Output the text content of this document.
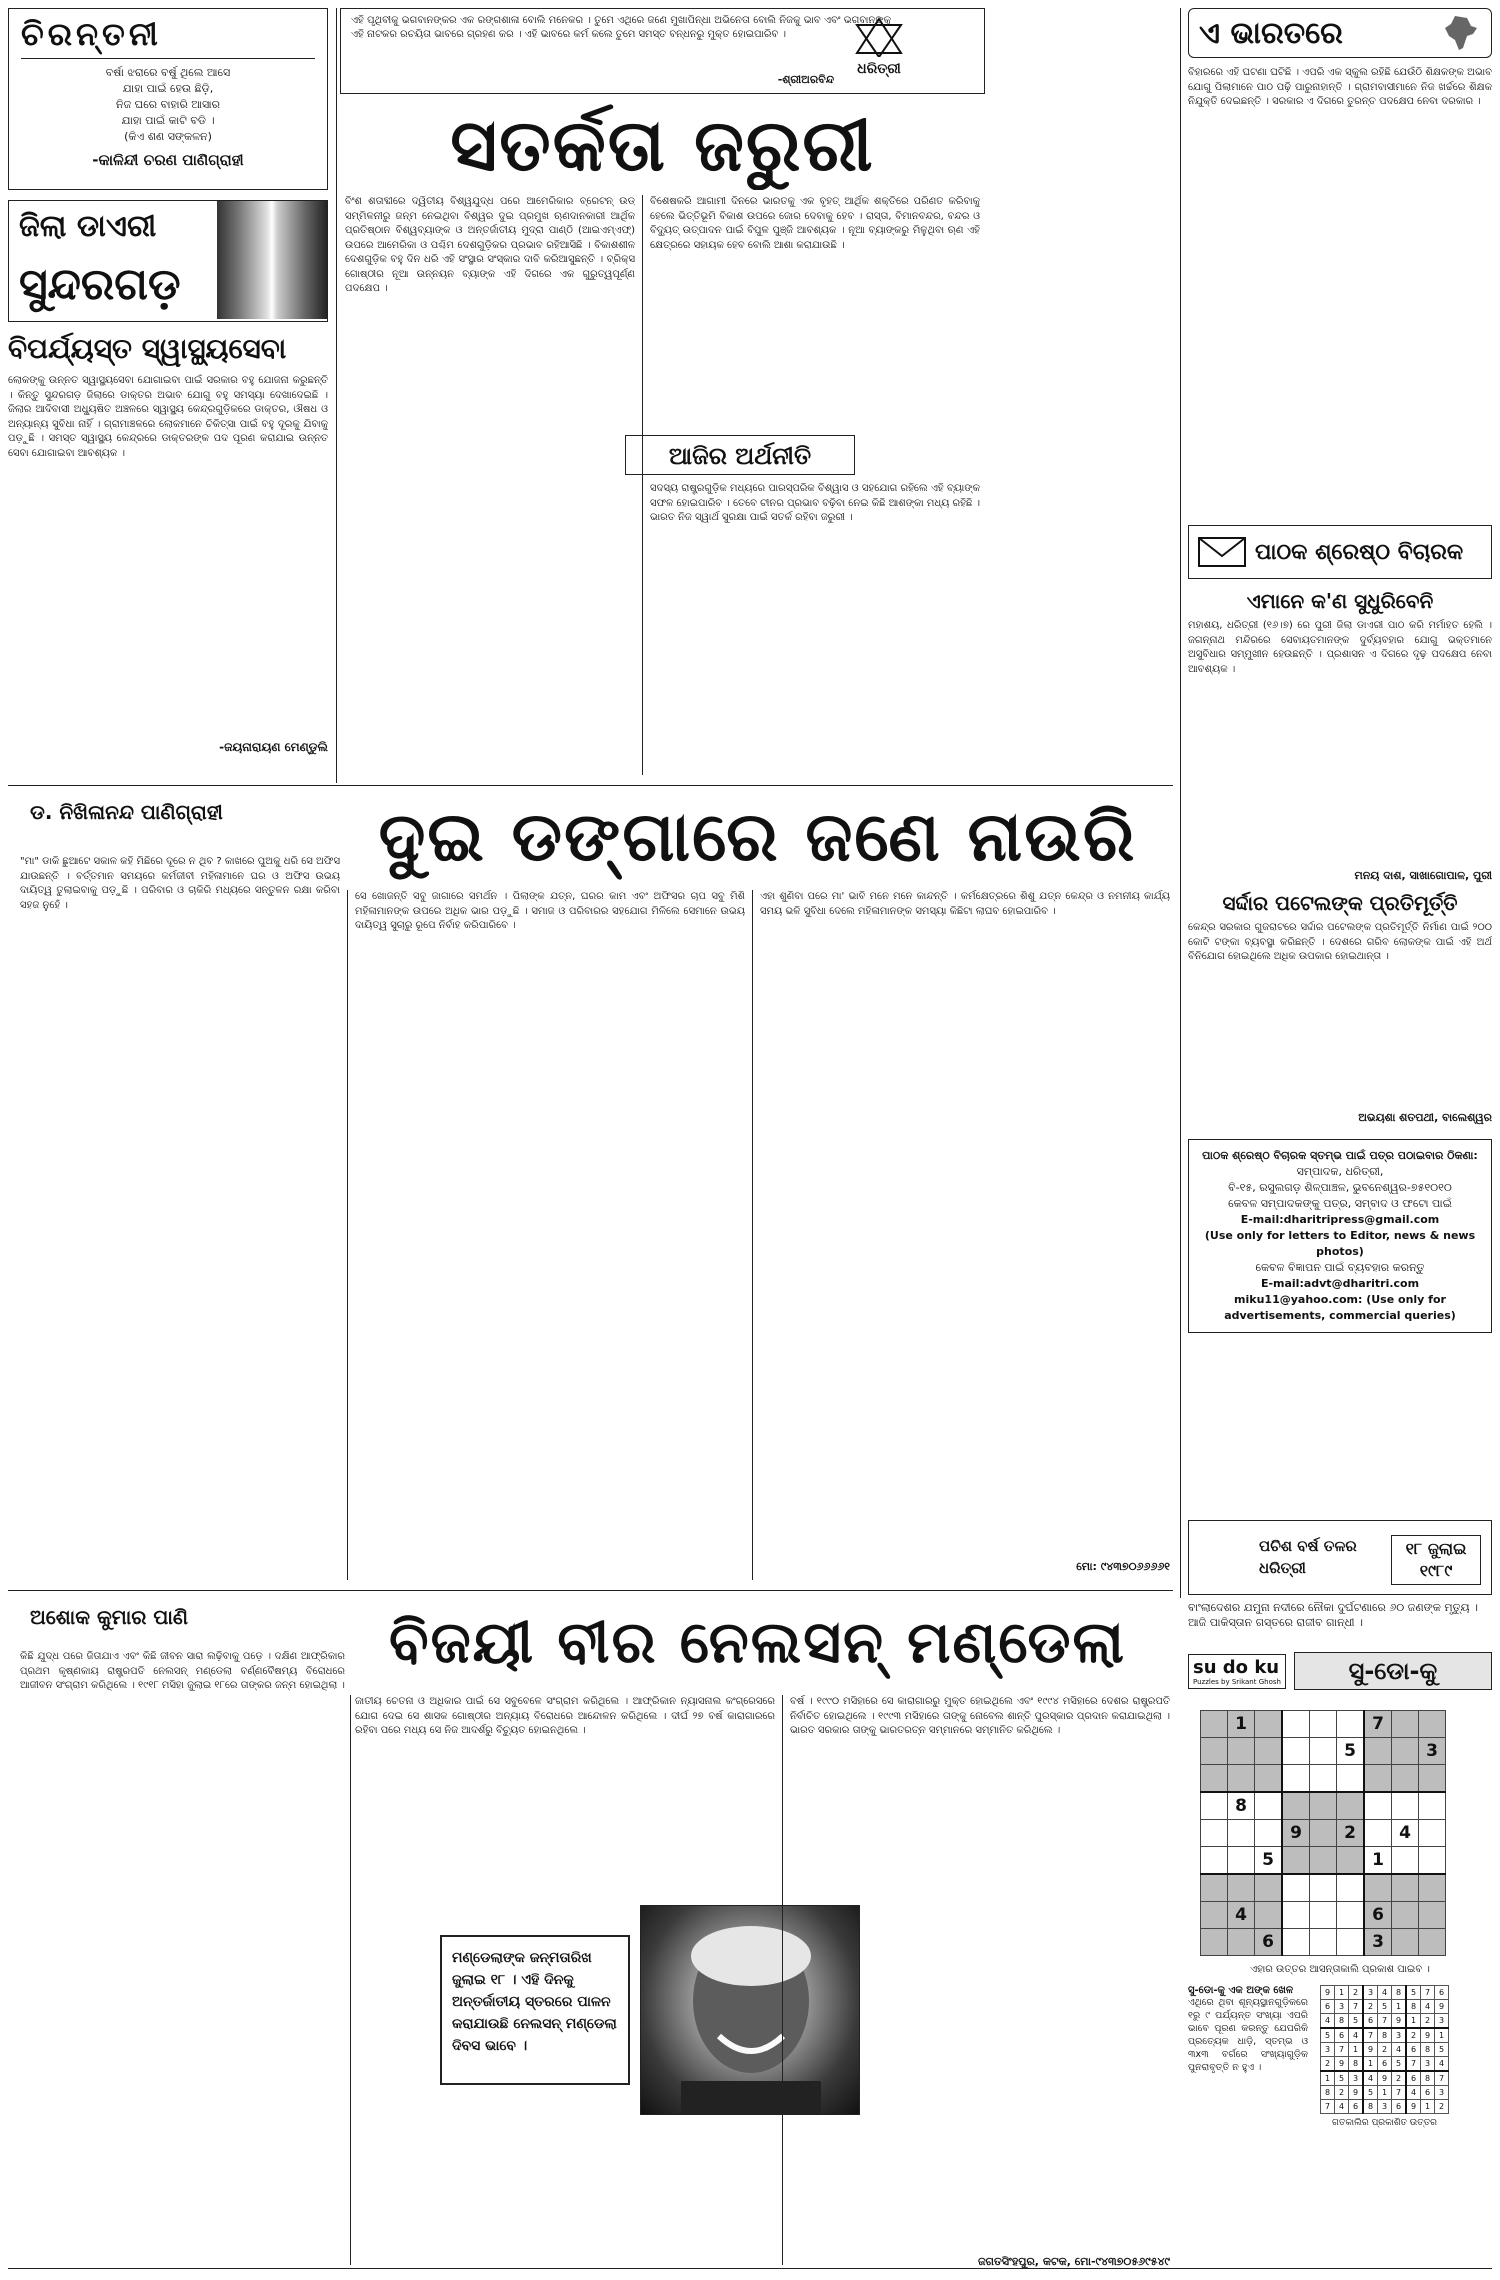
ଚିରନ୍ତନୀ
ବର୍ଷା ଝରାରେ ବର୍ଷୁ ଥିଲେ ଆସେ
ଯାହା ପାଇଁ ହେଉ ଛିଡ଼ି,
ନିଜ ଘରେ ବାହାରି ଆସାର
ଯାହା ପାଇଁ କାଟି ବଡି ।
(କିଏ ଶଣ ସଙ୍କଳନ)
-କାଳିନ୍ଦୀ ଚରଣ ପାଣିଗ୍ରାହୀ
ଏହି ପୃଥିବୀକୁ ଭଗବାନଙ୍କର ଏକ ରଙ୍ଗଶାଳା ବୋଲି ମନେକର । ତୁମେ ଏଥିରେ ଜଣେ ମୁଖାପିନ୍ଧା ଅଭିନେତା ବୋଲି ନିଜକୁ ଭାବ ଏବଂ ଭଗବାନଙ୍କୁ ଏହି ନାଟକର ରଚୟିତା ଭାବରେ ଗ୍ରହଣ କର । ଏହି ଭାବରେ କର୍ମ କଲେ ତୁମେ ସମସ୍ତ ବନ୍ଧନରୁ ମୁକ୍ତ ହୋଇପାରିବ ।
-ଶ୍ରୀଅରବିନ୍ଦ
ଧରିତ୍ରୀ
ସତର୍କତା ଜରୁରୀ
ଏ ଭାରତରେ
ବିହାରରେ ଏହି ଘଟଣା ଘଟିଛି । ଏପରି ଏକ ସ୍କୁଲ ରହିଛି ଯେଉଁଠି ଶିକ୍ଷକଙ୍କ ଅଭାବ ଯୋଗୁ ପିଲାମାନେ ପାଠ ପଢ଼ି ପାରୁନାହାନ୍ତି । ଗ୍ରାମବାସୀମାନେ ନିଜ ଖର୍ଚ୍ଚରେ ଶିକ୍ଷକ ନିଯୁକ୍ତି ଦେଇଛନ୍ତି । ସରକାର ଏ ଦିଗରେ ତୁରନ୍ତ ପଦକ୍ଷେପ ନେବା ଦରକାର ।
ଜିଲା ଡାଏରୀ
ସୁନ୍ଦରଗଡ଼
ବିପର୍ଯ୍ୟସ୍ତ ସ୍ୱାସ୍ଥ୍ୟସେବା
ଲୋକଙ୍କୁ ଉନ୍ନତ ସ୍ୱାସ୍ଥ୍ୟସେବା ଯୋଗାଇବା ପାଇଁ ସରକାର ବହୁ ଯୋଜନା କରୁଛନ୍ତି । କିନ୍ତୁ ସୁନ୍ଦରଗଡ଼ ଜିଲାରେ ଡାକ୍ତର ଅଭାବ ଯୋଗୁ ବହୁ ସମସ୍ୟା ଦେଖାଦେଇଛି । ଜିଲାର ଆଦିବାସୀ ଅଧ୍ୟୁଷିତ ଅଞ୍ଚଳରେ ସ୍ୱାସ୍ଥ୍ୟ କେନ୍ଦ୍ରଗୁଡ଼ିକରେ ଡାକ୍ତର, ଔଷଧ ଓ ଅନ୍ୟାନ୍ୟ ସୁବିଧା ନାହିଁ । ଗ୍ରାମାଞ୍ଚଳରେ ଲୋକମାନେ ଚିକିତ୍ସା ପାଇଁ ବହୁ ଦୂରକୁ ଯିବାକୁ ପଡ଼ୁଛି । ସମସ୍ତ ସ୍ୱାସ୍ଥ୍ୟ କେନ୍ଦ୍ରରେ ଡାକ୍ତରଙ୍କ ପଦ ପୂରଣ କରାଯାଇ ଉନ୍ନତ ସେବା ଯୋଗାଇବା ଆବଶ୍ୟକ ।
-ଜୟନାରାୟଣ ମେଣ୍ଡୁଲି
ବିଂଶ ଶତାବ୍ଦୀରେ ଦ୍ୱିତୀୟ ବିଶ୍ୱଯୁଦ୍ଧ ପରେ ଆମେରିକାର ବ୍ରେଟନ୍ ଉଡ୍ ସମ୍ମିଳନୀରୁ ଜନ୍ମ ନେଇଥିବା ବିଶ୍ୱର ଦୁଇ ପ୍ରମୁଖ ଋଣଦାନକାରୀ ଆର୍ଥିକ ପ୍ରତିଷ୍ଠାନ ବିଶ୍ୱବ୍ୟାଙ୍କ ଓ ଅନ୍ତର୍ଜାତୀୟ ମୁଦ୍ରା ପାଣ୍ଠି (ଆଇଏମ୍ଏଫ୍) ଉପରେ ଆମେରିକା ଓ ପଶ୍ଚିମ ଦେଶଗୁଡ଼ିକର ପ୍ରଭାବ ରହିଆସିଛି । ବିକାଶଶୀଳ ଦେଶଗୁଡ଼ିକ ବହୁ ଦିନ ଧରି ଏହି ସଂସ୍ଥାର ସଂସ୍କାର ଦାବି କରିଆସୁଛନ୍ତି । ବ୍ରିକ୍ସ ଗୋଷ୍ଠୀର ନୂଆ ଉନ୍ନୟନ ବ୍ୟାଙ୍କ ଏହି ଦିଗରେ ଏକ ଗୁରୁତ୍ୱପୂର୍ଣ୍ଣ ପଦକ୍ଷେପ ।
ବିଶେଷକରି ଆଗାମୀ ଦିନରେ ଭାରତକୁ ଏକ ବୃହତ୍ ଆର୍ଥିକ ଶକ୍ତିରେ ପରିଣତ କରିବାକୁ ହେଲେ ଭିତ୍ତିଭୂମି ବିକାଶ ଉପରେ ଜୋର ଦେବାକୁ ହେବ । ରାସ୍ତା, ବିମାନବନ୍ଦର, ବନ୍ଦର ଓ ବିଦ୍ୟୁତ୍ ଉତ୍ପାଦନ ପାଇଁ ବିପୁଳ ପୁଞ୍ଜି ଆବଶ୍ୟକ । ନୂଆ ବ୍ୟାଙ୍କରୁ ମିଳୁଥିବା ଋଣ ଏହି କ୍ଷେତ୍ରରେ ସହାୟକ ହେବ ବୋଲି ଆଶା କରାଯାଉଛି ।
ଆଜିର ଅର୍ଥନୀତି
ସଦସ୍ୟ ରାଷ୍ଟ୍ରଗୁଡ଼ିକ ମଧ୍ୟରେ ପାରସ୍ପରିକ ବିଶ୍ୱାସ ଓ ସହଯୋଗ ରହିଲେ ଏହି ବ୍ୟାଙ୍କ ସଫଳ ହୋଇପାରିବ । ତେବେ ଚୀନର ପ୍ରଭାବ ବଢ଼ିବା ନେଇ କିଛି ଆଶଙ୍କା ମଧ୍ୟ ରହିଛି । ଭାରତ ନିଜ ସ୍ୱାର୍ଥ ସୁରକ୍ଷା ପାଇଁ ସତର୍କ ରହିବା ଜରୁରୀ ।
ପାଠକ ଶ୍ରେଷ୍ଠ ବିଚାରକ
ଏମାନେ କ'ଣ ସୁଧୁରିବେନି
ମହାଶୟ, ଧରିତ୍ରୀ (୧୬।୭) ରେ ପୁରୀ ଜିଲା ଡାଏରୀ ପାଠ କରି ମର୍ମାହତ ହେଲି । ଜଗନ୍ନାଥ ମନ୍ଦିରରେ ସେବାୟତମାନଙ୍କ ଦୁର୍ବ୍ୟବହାର ଯୋଗୁ ଭକ୍ତମାନେ ଅସୁବିଧାର ସମ୍ମୁଖୀନ ହେଉଛନ୍ତି । ପ୍ରଶାସନ ଏ ଦିଗରେ ଦୃଢ଼ ପଦକ୍ଷେପ ନେବା ଆବଶ୍ୟକ ।
ମନୟ ଦାଶ, ସାଖାଗୋପାଳ, ପୁରୀ
ସର୍ଦ୍ଦାର ପଟେଲଙ୍କ ପ୍ରତିମୂର୍ତ୍ତି
କେନ୍ଦ୍ର ସରକାର ଗୁଜରାଟରେ ସର୍ଦ୍ଦାର ପଟେଲଙ୍କ ପ୍ରତିମୂର୍ତ୍ତି ନିର୍ମାଣ ପାଇଁ ୨୦୦ କୋଟି ଟଙ୍କା ବ୍ୟବସ୍ଥା କରିଛନ୍ତି । ଦେଶରେ ଗରିବ ଲୋକଙ୍କ ପାଇଁ ଏହି ଅର୍ଥ ବିନିଯୋଗ ହୋଇଥିଲେ ଅଧିକ ଉପକାର ହୋଇଥାନ୍ତା ।
ଅଭୟଶା ଶତପଥୀ, ବାଲେଶ୍ୱର
ପାଠକ ଶ୍ରେଷ୍ଠ ବିଚାରକ ସ୍ତମ୍ଭ ପାଇଁ ପତ୍ର ପଠାଇବାର ଠିକଣା:
ସମ୍ପାଦକ, ଧରିତ୍ରୀ,
ବି-୧୫, ରସୁଲଗଡ଼ ଶିଳ୍ପାଞ୍ଚଳ, ଭୁବନେଶ୍ୱର-୭୫୧୦୧୦
କେବଳ ସମ୍ପାଦକଙ୍କୁ ପତ୍ର, ସମ୍ବାଦ ଓ ଫଟୋ ପାଇଁ
E-mail:dharitripress@gmail.com
(Use only for letters to Editor, news & news photos)
କେବଳ ବିଜ୍ଞାପନ ପାଇଁ ବ୍ୟବହାର କରନ୍ତୁ
E-mail:advt@dharitri.com
miku11@yahoo.com: (Use only for
advertisements, commercial queries)
ପଚିଶ ବର୍ଷ ତଳର ଧରିତ୍ରୀ
୧୮ ଜୁଲାଇ ୧୯୮୯
ବାଂଲାଦେଶର ଯମୁନା ନଦୀରେ ନୌକା ଦୁର୍ଘଟଣାରେ ୬୦ ଜଣଙ୍କ ମୃତ୍ୟୁ ।
ଆଜି ପାକିସ୍ତାନ ଗସ୍ତରେ ରାଜୀବ ଗାନ୍ଧୀ ।
ଡ. ନିଖିଳାନନ୍ଦ ପାଣିଗ୍ରାହୀ	ଦୁଇ ଡଙ୍ଗାରେ ଜଣେ ନାଉରି
"ମା" ଡାକି ଛୁଆଟେ ସକାଳ କହି ମିଛିରେ ଦୂରେ ନ ଥିବ ? କାଖରେ ପୁଅକୁ ଧରି ସେ ଅଫିସ ଯାଉଛନ୍ତି । ବର୍ତ୍ତମାନ ସମୟରେ କର୍ମଜୀବୀ ମହିଳାମାନେ ଘର ଓ ଅଫିସ ଉଭୟ ଦାୟିତ୍ୱ ତୁଲାଇବାକୁ ପଡ଼ୁଛି । ପରିବାର ଓ ଚାକିରି ମଧ୍ୟରେ ସନ୍ତୁଳନ ରକ୍ଷା କରିବା ସହଜ ନୁହେଁ ।
ସେ ଖୋଜନ୍ତି ସବୁ ଜାଗାରେ ସମର୍ଥନ । ପିଲାଙ୍କ ଯତ୍ନ, ଘରର କାମ ଏବଂ ଅଫିସର ଚାପ ସବୁ ମିଶି ମହିଳାମାନଙ୍କ ଉପରେ ଅଧିକ ଭାର ପଡ଼ୁଛି । ସମାଜ ଓ ପରିବାରର ସହଯୋଗ ମିଳିଲେ ସେମାନେ ଉଭୟ ଦାୟିତ୍ୱ ସୁଚାରୁ ରୂପେ ନିର୍ବାହ କରିପାରିବେ ।
ଏହା ଶୁଣିବା ପରେ ମା' ଭାବି ମନେ ମନେ କାନ୍ଦନ୍ତି । କର୍ମକ୍ଷେତ୍ରରେ ଶିଶୁ ଯତ୍ନ କେନ୍ଦ୍ର ଓ ନମନୀୟ କାର୍ଯ୍ୟ ସମୟ ଭଳି ସୁବିଧା ଦେଲେ ମହିଳାମାନଙ୍କ ସମସ୍ୟା କିଛିଟା ଲାଘବ ହୋଇପାରିବ ।
ମୋ: ୯୪୩୭୦୬୬୬୬୧
ଅଶୋକ କୁମାର ପାଣି	ବିଜୟୀ ବୀର ନେଲସନ୍ ମଣ୍ଡେଲା
କିଛି ଯୁଦ୍ଧ ପରେ ଜିତାଯାଏ ଏବଂ କିଛି ଜୀବନ ସାରା ଲଢ଼ିବାକୁ ପଡ଼େ । ଦକ୍ଷିଣ ଆଫ୍ରିକାର ପ୍ରଥମ କୃଷ୍ଣକାୟ ରାଷ୍ଟ୍ରପତି ନେଲସନ୍ ମଣ୍ଡେଲା ବର୍ଣ୍ଣବୈଷମ୍ୟ ବିରୋଧରେ ଆଜୀବନ ସଂଗ୍ରାମ କରିଥିଲେ । ୧୯୧୮ ମସିହା ଜୁଲାଇ ୧୮ରେ ତାଙ୍କର ଜନ୍ମ ହୋଇଥିଲା ।
ଜାତୀୟ ଚେତନା ଓ ଅଧିକାର ପାଇଁ ସେ ସବୁବେଳେ ସଂଗ୍ରାମ କରିଥିଲେ । ଆଫ୍ରିକାନ ନ୍ୟାସନାଲ କଂଗ୍ରେସରେ ଯୋଗ ଦେଇ ସେ ଶାସକ ଗୋଷ୍ଠୀର ଅନ୍ୟାୟ ବିରୋଧରେ ଆନ୍ଦୋଳନ କରିଥିଲେ । ଦୀର୍ଘ ୨୭ ବର୍ଷ କାରାଗାରରେ ରହିବା ପରେ ମଧ୍ୟ ସେ ନିଜ ଆଦର୍ଶରୁ ବିଚ୍ୟୁତ ହୋଇନଥିଲେ ।
ବର୍ଷ । ୧୯୯୦ ମସିହାରେ ସେ କାରାଗାରରୁ ମୁକ୍ତ ହୋଇଥିଲେ ଏବଂ ୧୯୯୪ ମସିହାରେ ଦେଶର ରାଷ୍ଟ୍ରପତି ନିର୍ବାଚିତ ହୋଇଥିଲେ । ୧୯୯୩ ମସିହାରେ ତାଙ୍କୁ ନୋବେଲ ଶାନ୍ତି ପୁରସ୍କାର ପ୍ରଦାନ କରାଯାଇଥିଲା । ଭାରତ ସରକାର ତାଙ୍କୁ ଭାରତରତ୍ନ ସମ୍ମାନରେ ସମ୍ମାନିତ କରିଥିଲେ ।
ମଣ୍ଡେଲାଙ୍କ ଜନ୍ମତାରିଖ ଜୁଲାଇ ୧୮ । ଏହି ଦିନକୁ ଅନ୍ତର୍ଜାତୀୟ ସ୍ତରରେ ପାଳନ କରାଯାଉଛି ନେଲସନ୍ ମଣ୍ଡେଲା ଦିବସ ଭାବେ ।
ଜଗତସିଂହପୁର, କଟକ, ମୋ-୯୪୩୭୦୫୬୯୫୪୯
su do ku
Puzzles by Srikant Ghosh	ସୁ-ଡୋ-କୁ
	1					7		
					5			3

	8							
			9		2		4	
		5				1		

	4					6		
		6				3		
ଏହାର ଉତ୍ତର ଆସନ୍ତାକାଲି ପ୍ରକାଶ ପାଇବ ।
ସୁ-ଡୋ-କୁ ଏକ ଅଙ୍କ ଖେଳ
ଏଥିରେ ଥିବା ଶୂନ୍ୟସ୍ଥାନଗୁଡ଼ିକରେ ୧ରୁ ୯ ପର୍ଯ୍ୟନ୍ତ ସଂଖ୍ୟା ଏପରି ଭାବେ ପୂରଣ କରନ୍ତୁ ଯେପରିକି ପ୍ରତ୍ୟେକ ଧାଡ଼ି, ସ୍ତମ୍ଭ ଓ ୩x୩ ବର୍ଗରେ ସଂଖ୍ୟାଗୁଡ଼ିକ ପୁନରାବୃତ୍ତି ନ ହୁଏ ।
9	1	2	3	4	8	5	7	6
6	3	7	2	5	1	8	4	9
4	8	5	6	7	9	1	2	3
5	6	4	7	8	3	2	9	1
3	7	1	9	2	4	6	8	5
2	9	8	1	6	5	7	3	4
1	5	3	4	9	2	6	8	7
8	2	9	5	1	7	4	6	3
7	4	6	8	3	6	9	1	2
ଗତକାଲିର ପ୍ରକାଶିତ ଉତ୍ତର
